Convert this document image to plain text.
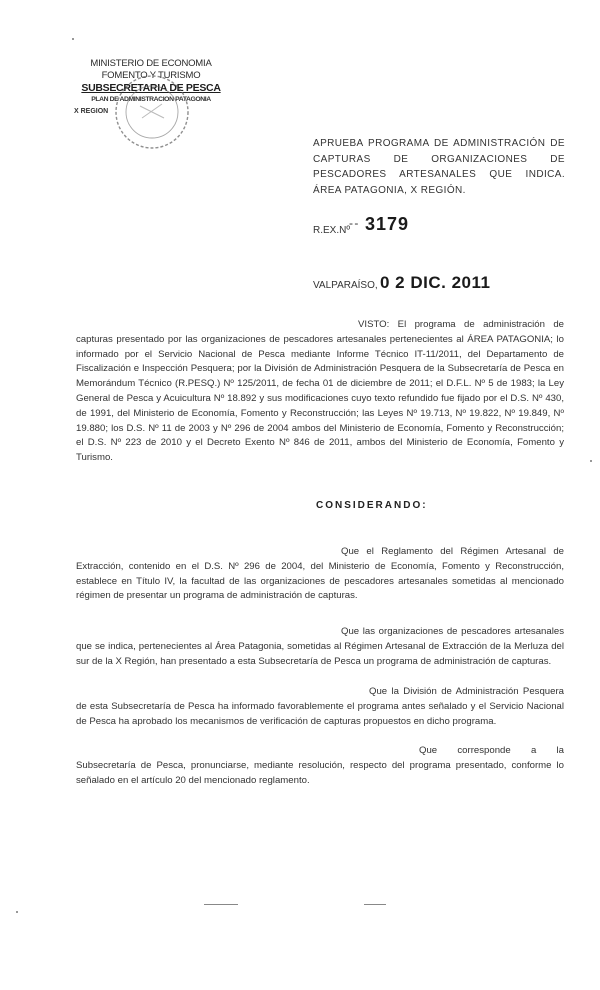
MINISTERIO DE ECONOMIA
FOMENTO Y TURISMO
SUBSECRETARIA DE PESCA
PLAN DE ADMINISTRACION PATAGONIA
X REGION
APRUEBA PROGRAMA DE ADMINISTRACIÓN DE CAPTURAS DE ORGANIZACIONES DE PESCADORES ARTESANALES QUE INDICA. ÁREA PATAGONIA, X REGIÓN.
R.EX.Nº
- - 3179
VALPARAÍSO, 0 2 DIC. 2011
VISTO: El programa de administración de capturas presentado por las organizaciones de pescadores artesanales pertenecientes al ÁREA PATAGONIA; lo informado por el Servicio Nacional de Pesca mediante Informe Técnico IT-11/2011, del Departamento de Fiscalización e Inspección Pesquera; por la División de Administración Pesquera de la Subsecretaría de Pesca en Memorándum Técnico (R.PESQ.) Nº 125/2011, de fecha 01 de diciembre de 2011; el D.F.L. Nº 5 de 1983; la Ley General de Pesca y Acuicultura Nº 18.892 y sus modificaciones cuyo texto refundido fue fijado por el D.S. Nº 430, de 1991, del Ministerio de Economía, Fomento y Reconstrucción; las Leyes Nº 19.713, Nº 19.822, Nº 19.849, Nº 19.880; los D.S. Nº 11 de 2003 y Nº 296 de 2004 ambos del Ministerio de Economía, Fomento y Reconstrucción; el D.S. Nº 223 de 2010 y el Decreto Exento Nº 846 de 2011, ambos del Ministerio de Economía, Fomento y Turismo.
CONSIDERANDO:
Que el Reglamento del Régimen Artesanal de Extracción, contenido en el D.S. Nº 296 de 2004, del Ministerio de Economía, Fomento y Reconstrucción, establece en Título IV, la facultad de las organizaciones de pescadores artesanales sometidas al mencionado régimen de presentar un programa de administración de capturas.
Que las organizaciones de pescadores artesanales que se indica, pertenecientes al Área Patagonia, sometidas al Régimen Artesanal de Extracción de la Merluza del sur de la X Región, han presentado a esta Subsecretaría de Pesca un programa de administración de capturas.
Que la División de Administración Pesquera de esta Subsecretaría de Pesca ha informado favorablemente el programa antes señalado y el Servicio Nacional de Pesca ha aprobado los mecanismos de verificación de capturas propuestos en dicho programa.
Que corresponde a la Subsecretaría de Pesca, pronunciarse, mediante resolución, respecto del programa presentado, conforme lo señalado en el artículo 20 del mencionado reglamento.
